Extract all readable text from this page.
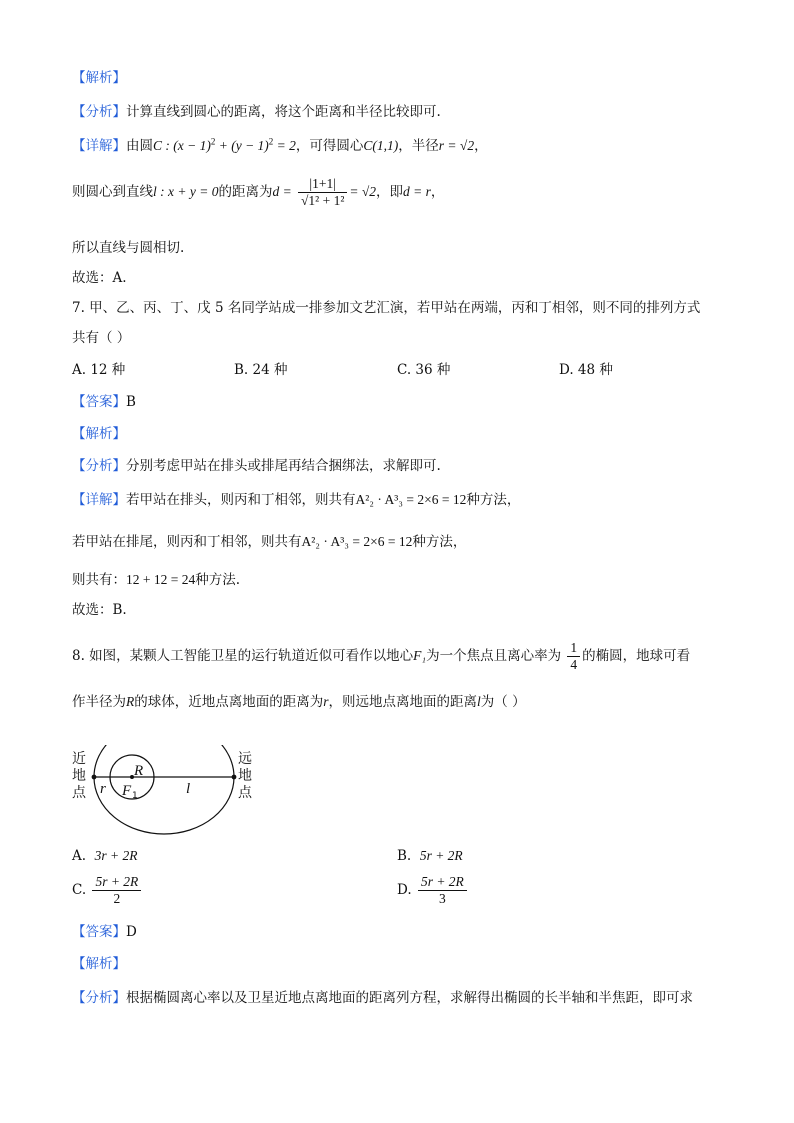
【解析】
【分析】计算直线到圆心的距离，将这个距离和半径比较即可.
【详解】由圆C : $(x - 1)^2 + (y - 1)^2 = 2$，可得圆心C(1,1)，半径r = √2，
则圆心到直线l : x + y = 0的距离为$d = \frac{|1+1|}{\text{√1² + 1²}} = √2$，即d = r，
所以直线与圆相切.
故选：A.
7. 甲、乙、丙、丁、戊 5 名同学站成一排参加文艺汇演，若甲站在两端，丙和丁相邻，则不同的排列方式
共有（ ）
A. 12 种	B. 24 种	C. 36 种	D. 48 种
【答案】B
【解析】
【分析】分别考虑甲站在排头或排尾再结合捆绑法，求解即可.
【详解】若甲站在排头，则丙和丁相邻，则共有A²₂ · A³₃ = 2×6 = 12种方法，
若甲站在排尾，则丙和丁相邻，则共有A²₂ · A³₃ = 2×6 = 12种方法，
则共有：12 + 12 = 24种方法.
故选：B.
8. 如图，某颗人工智能卫星的运行轨道近似可看作以地心F₁为一个焦点且离心率为 $\frac{1}{4}$ 的椭圆，地球可看
作半径为R的球体，近地点离地面的距离为r，则远地点离地面的距离l为（ ）
近
地
点
远
地
点
R
r F 1	l
A. 3r + 2R	B. 5r + 2R
C. $\frac{5r + 2R}{2}$	D. $\frac{5r + 2R}{3}$
【答案】D
【解析】
【分析】根据椭圆离心率以及卫星近地点离地面的距离列方程，求解得出椭圆的长半轴和半焦距，即可求
